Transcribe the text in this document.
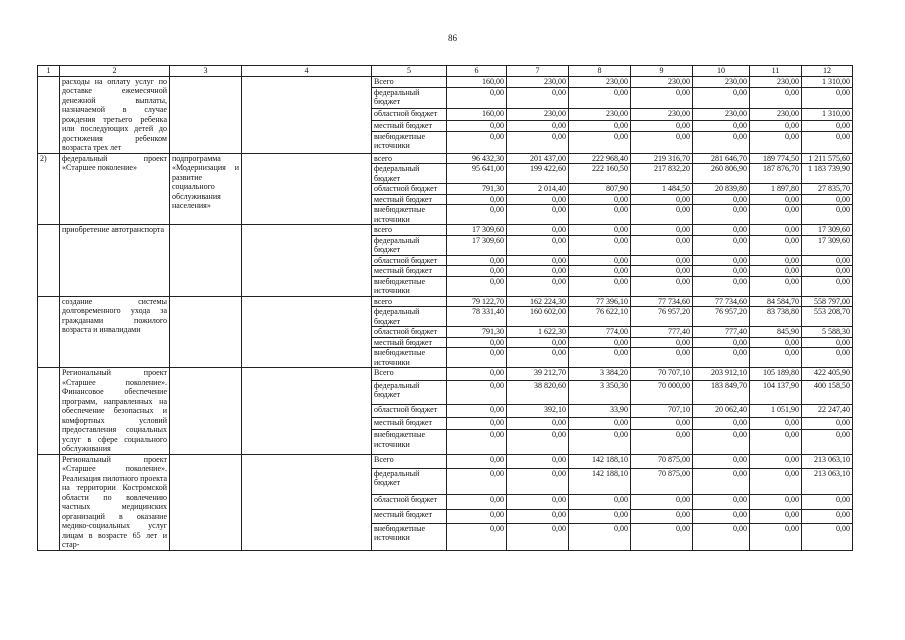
86
1	2	3	4	5	6	7	8	9	10	11	12
	расходы на оплату услуг по доставке ежемесячной денежной выплаты, назначаемой в случае рождения третьего ребенка или последующих детей до достижения ребенком возраста трех лет			Всего	160,00	230,00	230,00	230,00	230,00	230,00	1 310,00
				федеральный бюджет	0,00	0,00	0,00	0,00	0,00	0,00	0,00
				областной бюджет	160,00	230,00	230,00	230,00	230,00	230,00	1 310,00
				местный бюджет	0,00	0,00	0,00	0,00	0,00	0,00	0,00
				внебюджетные источники	0,00	0,00	0,00	0,00	0,00	0,00	0,00
2)	федеральный проект «Старшее поколение»	подпрограмма «Модернизация и развитие социального обслуживания населения»		всего	96 432,30	201 437,00	222 968,40	219 316,70	281 646,70	189 774,50	1 211 575,60
				федеральный бюджет	95 641,00	199 422,60	222 160,50	217 832,20	260 806,90	187 876,70	1 183 739,90
				областной бюджет	791,30	2 014,40	807,90	1 484,50	20 839,80	1 897,80	27 835,70
				местный бюджет	0,00	0,00	0,00	0,00	0,00	0,00	0,00
				внебюджетные источники	0,00	0,00	0,00	0,00	0,00	0,00	0,00
	приобретение автотранспорта			всего	17 309,60	0,00	0,00	0,00	0,00	0,00	17 309,60
				федеральный бюджет	17 309,60	0,00	0,00	0,00	0,00	0,00	17 309,60
				областной бюджет	0,00	0,00	0,00	0,00	0,00	0,00	0,00
				местный бюджет	0,00	0,00	0,00	0,00	0,00	0,00	0,00
				внебюджетные источники	0,00	0,00	0,00	0,00	0,00	0,00	0,00
	создание системы долговременного ухода за гражданами пожилого возраста и инвалидами			всего	79 122,70	162 224,30	77 396,10	77 734,60	77 734,60	84 584,70	558 797,00
				федеральный бюджет	78 331,40	160 602,00	76 622,10	76 957,20	76 957,20	83 738,80	553 208,70
				областной бюджет	791,30	1 622,30	774,00	777,40	777,40	845,90	5 588,30
				местный бюджет	0,00	0,00	0,00	0,00	0,00	0,00	0,00
				внебюджетные источники	0,00	0,00	0,00	0,00	0,00	0,00	0,00
	Региональный проект «Старшее поколение». Финансовое обеспечение программ, направленных на обеспечение безопасных и комфортных условий предоставления социальных услуг в сфере социального обслуживания			Всего	0,00	39 212,70	3 384,20	70 707,10	203 912,10	105 189,80	422 405,90
				федеральный бюджет	0,00	38 820,60	3 350,30	70 000,00	183 849,70	104 137,90	400 158,50
				областной бюджет	0,00	392,10	33,90	707,10	20 062,40	1 051,90	22 247,40
				местный бюджет	0,00	0,00	0,00	0,00	0,00	0,00	0,00
				внебюджетные источники	0,00	0,00	0,00	0,00	0,00	0,00	0,00
	Региональный проект «Старшее поколение». Реализация пилотного проекта на территории Костромской области по вовлечению частных медицинских организаций в оказание медико-социальных услуг лицам в возрасте 65 лет и стар-			Всего	0,00	0,00	142 188,10	70 875,00	0,00	0,00	213 063,10
				федеральный бюджет	0,00	0,00	142 188,10	70 875,00	0,00	0,00	213 063,10
				областной бюджет	0,00	0,00	0,00	0,00	0,00	0,00	0,00
				местный бюджет	0,00	0,00	0,00	0,00	0,00	0,00	0,00
				внебюджетные источники	0,00	0,00	0,00	0,00	0,00	0,00	0,00
